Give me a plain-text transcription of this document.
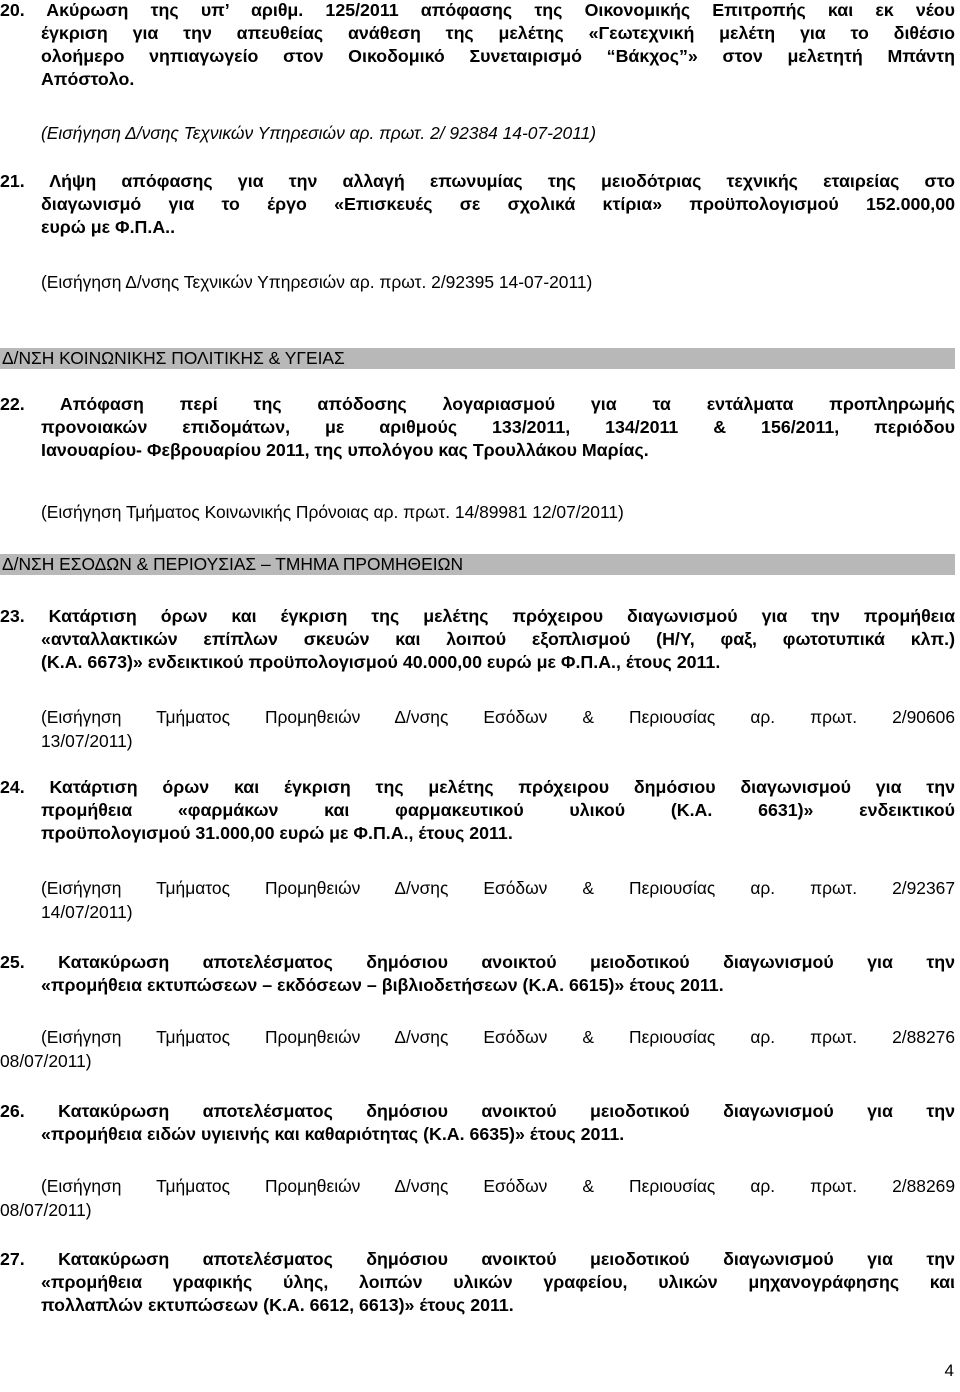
20. Ακύρωση της υπ’ αριθμ. 125/2011 απόφασης της Οικονομικής Επιτροπής και εκ νέου
έγκριση για την απευθείας ανάθεση της μελέτης «Γεωτεχνική μελέτη για το διθέσιο
ολοήμερο νηπιαγωγείο στον Οικοδομικό Συνεταιρισμό “Βάκχος”» στον μελετητή Μπάντη
Απόστολο.
(Εισήγηση Δ/νσης Τεχνικών Υπηρεσιών αρ. πρωτ. 2/ 92384 14-07-2011)
21. Λήψη απόφασης για την αλλαγή επωνυμίας της μειοδότριας τεχνικής εταιρείας στο
διαγωνισμό για το έργο «Επισκευές σε σχολικά κτίρια» προϋπολογισμού 152.000,00
ευρώ με Φ.Π.Α..
(Εισήγηση Δ/νσης Τεχνικών Υπηρεσιών αρ. πρωτ. 2/92395 14-07-2011)
Δ/ΝΣΗ ΚΟΙΝΩΝΙΚΗΣ ΠΟΛΙΤΙΚΗΣ & ΥΓΕΙΑΣ
22. Απόφαση περί της απόδοσης λογαριασμού για τα εντάλματα προπληρωμής
προνοιακών επιδομάτων, με αριθμούς 133/2011, 134/2011 & 156/2011, περιόδου
Ιανουαρίου- Φεβρουαρίου 2011, της υπολόγου κας Τρουλλάκου Μαρίας.
(Εισήγηση Τμήματος Κοινωνικής Πρόνοιας αρ. πρωτ. 14/89981 12/07/2011)
Δ/ΝΣΗ ΕΣΟΔΩΝ & ΠΕΡΙΟΥΣΙΑΣ – ΤΜΗΜΑ ΠΡΟΜΗΘΕΙΩΝ
23. Κατάρτιση όρων και έγκριση της μελέτης πρόχειρου διαγωνισμού για την προμήθεια
«ανταλλακτικών επίπλων σκευών και λοιπού εξοπλισμού (Η/Υ, φαξ, φωτοτυπικά κλπ.)
(Κ.Α. 6673)» ενδεικτικού προϋπολογισμού 40.000,00 ευρώ με Φ.Π.Α., έτους 2011.
(Εισήγηση Τμήματος Προμηθειών Δ/νσης Εσόδων & Περιουσίας αρ. πρωτ. 2/90606
13/07/2011)
24. Κατάρτιση όρων και έγκριση της μελέτης πρόχειρου δημόσιου διαγωνισμού για την
προμήθεια «φαρμάκων και φαρμακευτικού υλικού (Κ.Α. 6631)» ενδεικτικού
προϋπολογισμού 31.000,00 ευρώ με Φ.Π.Α., έτους 2011.
(Εισήγηση Τμήματος Προμηθειών Δ/νσης Εσόδων & Περιουσίας αρ. πρωτ. 2/92367
14/07/2011)
25. Κατακύρωση αποτελέσματος δημόσιου ανοικτού μειοδοτικού διαγωνισμού για την
«προμήθεια εκτυπώσεων – εκδόσεων – βιβλιοδετήσεων (Κ.Α. 6615)» έτους 2011.
(Εισήγηση Τμήματος Προμηθειών Δ/νσης Εσόδων & Περιουσίας αρ. πρωτ. 2/88276
08/07/2011)
26. Κατακύρωση αποτελέσματος δημόσιου ανοικτού μειοδοτικού διαγωνισμού για την
«προμήθεια ειδών υγιεινής και καθαριότητας (Κ.Α. 6635)» έτους 2011.
(Εισήγηση Τμήματος Προμηθειών Δ/νσης Εσόδων & Περιουσίας αρ. πρωτ. 2/88269
08/07/2011)
27. Κατακύρωση αποτελέσματος δημόσιου ανοικτού μειοδοτικού διαγωνισμού για την
«προμήθεια γραφικής ύλης, λοιπών υλικών γραφείου, υλικών μηχανογράφησης και
πολλαπλών εκτυπώσεων (Κ.Α. 6612, 6613)» έτους 2011.
4
